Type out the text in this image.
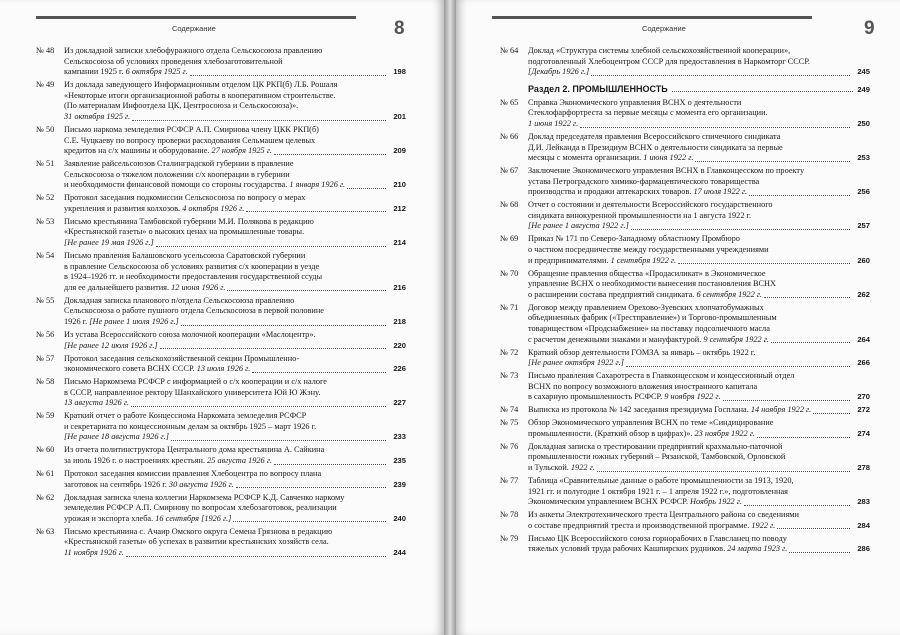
Содержание	8
№ 48 Из докладной записки хлебофуражного отдела Сельскосоюза правлению
Сельскосоюза об условиях проведения хлебозаготовительной
кампании 1925 г. 6 октября 1925 г.	198
№ 49 Из доклада заведующего Информационным отделом ЦК РКП(б) Л.Б. Рошаля
«Некоторые итоги организационной работы в кооперативном строительстве.
(По материалам Инфоотдела ЦК, Центросоюза и Сельскосоюза)».
31 октября 1925 г.	201
№ 50 Письмо наркома земледелия РСФСР А.П. Смирнова члену ЦКК РКП(б)
С.Е. Чуцкаеву по вопросу проверки расходования Сельмашем целевых
кредитов на с/х машины и оборудование. 27 ноября 1925 г.	209
№ 51 Заявление райсельсоюзов Сталинградской губернии в правление
Сельскосоюза о тяжелом положении с/х кооперации в губернии
и необходимости финансовой помощи со стороны государства. 1 января 1926 г.	210
№ 52 Протокол заседания подкомиссии Сельскосоюза по вопросу о мерах
укрепления и развития колхозов. 4 октября 1926 г.	212
№ 53 Письмо крестьянина Тамбовской губернии М.И. Полякова в редакцию
«Крестьянской газеты» о высоких ценах на промышленные товары.
[Не ранее 19 мая 1926 г.]	214
№ 54 Письмо правления Балашовского усельсоюза Саратовской губернии
в правление Сельскосоюза об условиях развития с/х кооперации в уезде
в 1924–1926 гг. и необходимости предоставления государственной ссуды
для ее дальнейшего развития. 12 июня 1926 г.	216
№ 55 Докладная записка планового п/отдела Сельскосоюза правлению
Сельскосоюза о работе пушного отдела Сельскосоюза в первой половине
1926 г. [Не ранее 1 июля 1926 г.]	218
№ 56 Из устава Всероссийского союза молочной кооперации «Маслоцентр».
[Не ранее 12 июля 1926 г.]	220
№ 57 Протокол заседания сельскохозяйственной секции Промышленно-
экономического совета ВСНХ СССР. 13 июля 1926 г.	226
№ 58 Письмо Наркомзема РСФСР с информацией о с/х кооперации и с/х налоге
в СССР, направленное ректору Шанхайского университета Юй Ю Жэну.
13 августа 1926 г.	227
№ 59 Краткий отчет о работе Концессиома Наркомата земледелия РСФСР
и секретариата по концессионным делам за октябрь 1925 – март 1926 г.
[Не ранее 18 августа 1926 г.]	233
№ 60 Из отчета политинструктора Центрального дома крестьянина А. Сайкина
за июль 1926 г. о настроениях крестьян. 25 августа 1926 г.	235
№ 61 Протокол заседания комиссии правления Хлебоцентра по вопросу плана
заготовок на сентябрь 1926 г. 30 августа 1926 г.	239
№ 62 Докладная записка члена коллегии Наркомзема РСФСР К.Д. Савченко наркому
земледелия РСФСР А.П. Смирнову по вопросам хлебозаготовок, реализации
урожая и экспорта хлеба. 16 сентября [1926 г.]	240
№ 63 Письмо крестьянина с. Ачаир Омского округа Семена Грязнова в редакцию
«Крестьянской газеты» об успехах в развитии крестьянских хозяйств села.
11 ноября 1926 г.	244
Содержание	9
№ 64 Доклад «Структура системы хлебной сельскохозяйственной кооперации»,
подготовленный Хлебоцентром СССР для предоставления в Наркомторг СССР.
[Декабрь 1926 г.]	245
Раздел 2. ПРОМЫШЛЕННОСТЬ	249
№ 65 Справка Экономического управления ВСНХ о деятельности
Стеклофарфортреста за первые месяцы с момента его организации.
1 июня 1922 г.	250
№ 66 Доклад председателя правления Всероссийского спичечного синдиката
Д.И. Лейканда в Президиум ВСНХ о деятельности синдиката за первые
месяцы с момента организации. 1 июня 1922 г.	253
№ 67 Заключение Экономического управления ВСНХ в Главконцесском по проекту
устава Петроградского химико-фармацевтического товарищества
производства и продажи аптекарских товаров. 17 июля 1922 г.	256
№ 68 Отчет о состоянии и деятельности Всероссийского государственного
синдиката винокуренной промышленности на 1 августа 1922 г.
[Не ранее 1 августа 1922 г.]	257
№ 69 Приказ № 171 по Северо-Западному областному Промбюро
о частном посредничестве между государственными учреждениями
и предпринимателями. 1 сентября 1922 г.	260
№ 70 Обращение правления общества «Продасиликат» в Экономическое
управление ВСНХ о необходимости вынесения постановления ВСНХ
о расширении состава предприятий синдиката. 6 сентября 1922 г.	262
№ 71 Договор между правлением Орехово-Зуевских хлопчатобумажных
объединенных фабрик («Трестправление») и Торгово-промышленным
товариществом «Продснабжение» на поставку подсолнечного масла
с расчетом денежными знаками и мануфактурой. 9 сентября 1922 г.	264
№ 72 Краткий обзор деятельности ГОМЗА за январь – октябрь 1922 г.
[Не ранее октября 1922 г.]	266
№ 73 Письмо правления Сахаротреста в Главконцесском и концессионный отдел
ВСНХ по вопросу возможного вложения иностранного капитала
в сахарную промышленность РСФСР. 9 ноября 1922 г.	270
№ 74 Выписка из протокола № 142 заседания президиума Госплана. 14 ноября 1922 г.	272
№ 75 Обзор Экономического управления ВСНХ по теме «Синдицирование
промышленности. (Краткий обзор в цифрах)». 23 ноября 1922 г.	274
№ 76 Докладная записка о трестировании предприятий крахмально-паточной
промышленности южных губерний – Рязанской, Тамбовской, Орловской
и Тульской. 1922 г.	278
№ 77 Таблица «Сравнительные данные о работе промышленности за 1913, 1920,
1921 гг. и полугодие 1 октября 1921 г. – 1 апреля 1922 г.», подготовленная
Экономическим управлением ВСНХ РСФСР. Ноябрь 1922 г.	283
№ 78 Из анкеты Электротехнического треста Центрального района со сведениями
о составе предприятий треста и производственной программе. 1922 г.	284
№ 79 Письмо ЦК Всероссийского союза горнорабочих в Главсланец по поводу
тяжелых условий труда рабочих Кашпирских рудников. 24 марта 1923 г.	286
